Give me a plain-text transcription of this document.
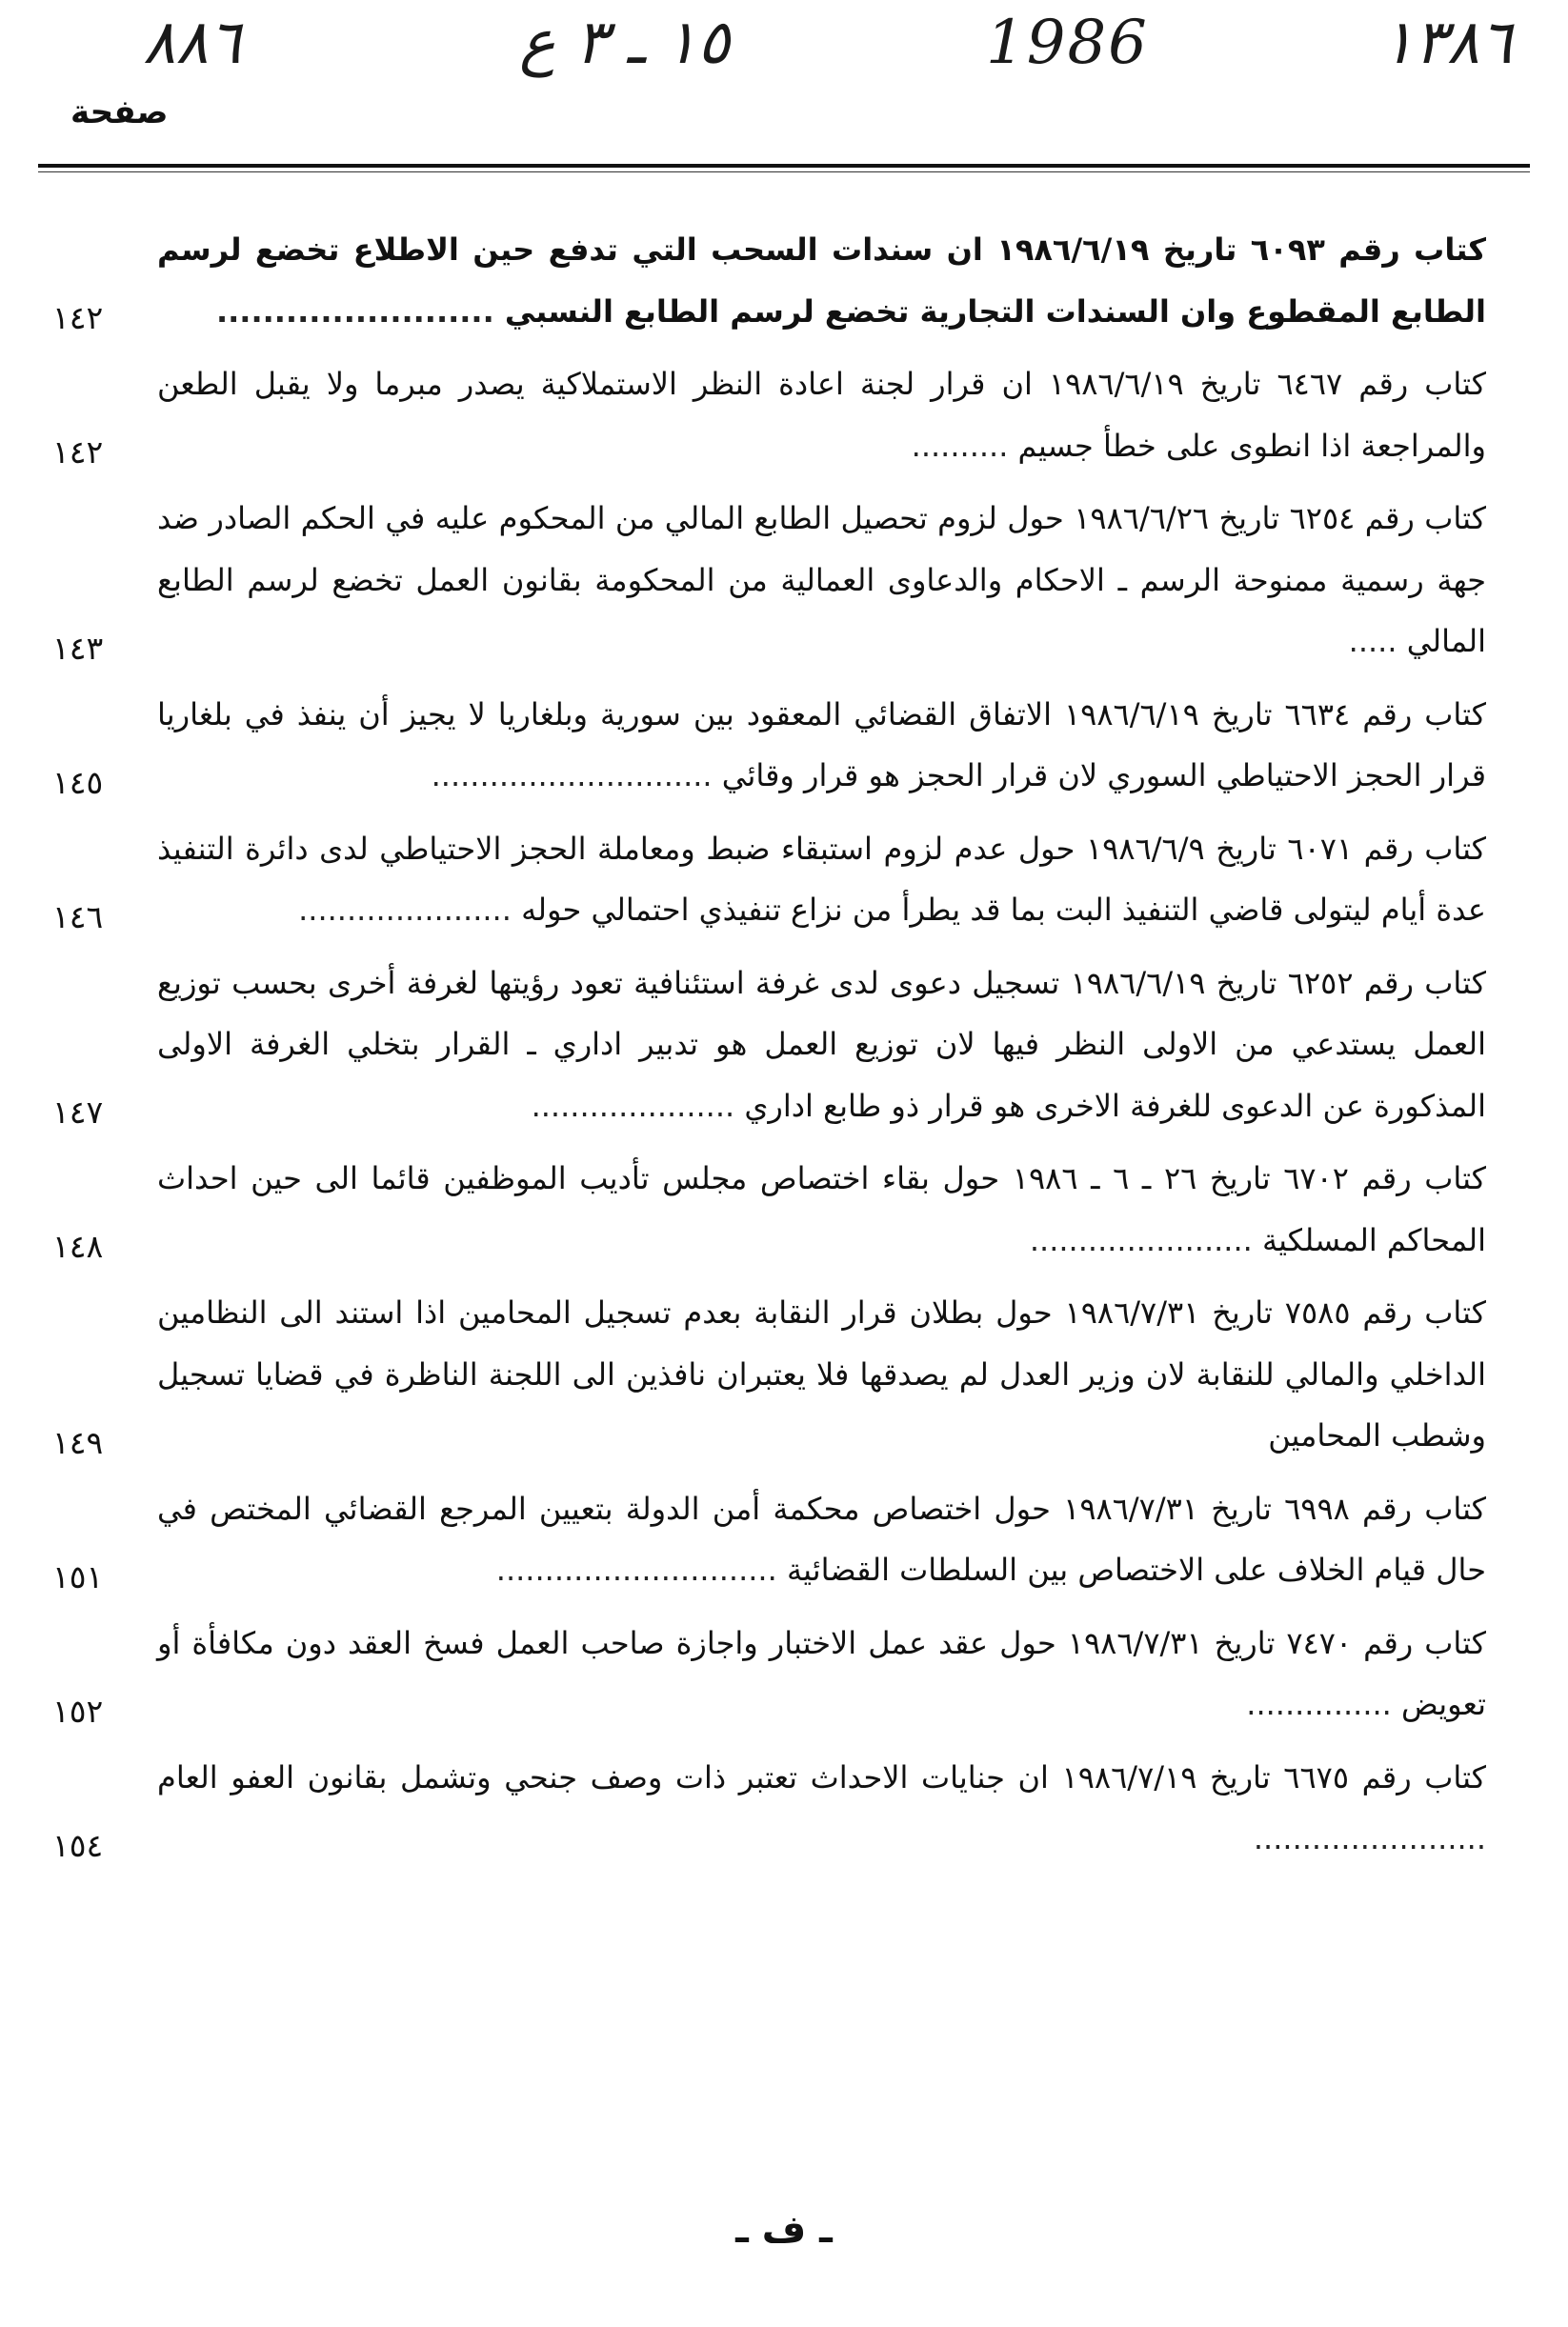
١٣٨٦
1986
١٥ ـ ٣ ع
٨٨٦
صفحة
كتاب رقم ٦٠٩٣ تاريخ ١٩٨٦/٦/١٩ ان سندات السحب التي تدفع حين الاطلاع تخضع لرسم الطابع المقطوع وان السندات التجارية تخضع لرسم الطابع النسبي ........................
١٤٢
كتاب رقم ٦٤٦٧ تاريخ ١٩٨٦/٦/١٩ ان قرار لجنة اعادة النظر الاستملاكية يصدر مبرما ولا يقبل الطعن والمراجعة اذا انطوى على خطأ جسيم ..........
١٤٢
كتاب رقم ٦٢٥٤ تاريخ ١٩٨٦/٦/٢٦ حول لزوم تحصيل الطابع المالي من المحكوم عليه في الحكم الصادر ضد جهة رسمية ممنوحة الرسم ـ الاحكام والدعاوى العمالية من المحكومة بقانون العمل تخضع لرسم الطابع المالي .....
١٤٣
كتاب رقم ٦٦٣٤ تاريخ ١٩٨٦/٦/١٩ الاتفاق القضائي المعقود بين سورية وبلغاريا لا يجيز أن ينفذ في بلغاريا قرار الحجز الاحتياطي السوري لان قرار الحجز هو قرار وقائي .............................
١٤٥
كتاب رقم ٦٠٧١ تاريخ ١٩٨٦/٦/٩ حول عدم لزوم استبقاء ضبط ومعاملة الحجز الاحتياطي لدى دائرة التنفيذ عدة أيام ليتولى قاضي التنفيذ البت بما قد يطرأ من نزاع تنفيذي احتمالي حوله ......................
١٤٦
كتاب رقم ٦٢٥٢ تاريخ ١٩٨٦/٦/١٩ تسجيل دعوى لدى غرفة استئنافية تعود رؤيتها لغرفة أخرى بحسب توزيع العمل يستدعي من الاولى النظر فيها لان توزيع العمل هو تدبير اداري ـ القرار بتخلي الغرفة الاولى المذكورة عن الدعوى للغرفة الاخرى هو قرار ذو طابع اداري .....................
١٤٧
كتاب رقم ٦٧٠٢ تاريخ ٢٦ ـ ٦ ـ ١٩٨٦ حول بقاء اختصاص مجلس تأديب الموظفين قائما الى حين احداث المحاكم المسلكية .......................
١٤٨
كتاب رقم ٧٥٨٥ تاريخ ١٩٨٦/٧/٣١ حول بطلان قرار النقابة بعدم تسجيل المحامين اذا استند الى النظامين الداخلي والمالي للنقابة لان وزير العدل لم يصدقها فلا يعتبران نافذين الى اللجنة الناظرة في قضايا تسجيل وشطب المحامين
١٤٩
كتاب رقم ٦٩٩٨ تاريخ ١٩٨٦/٧/٣١ حول اختصاص محكمة أمن الدولة بتعيين المرجع القضائي المختص في حال قيام الخلاف على الاختصاص بين السلطات القضائية .............................
١٥١
كتاب رقم ٧٤٧٠ تاريخ ١٩٨٦/٧/٣١ حول عقد عمل الاختبار واجازة صاحب العمل فسخ العقد دون مكافأة أو تعويض ...............
١٥٢
كتاب رقم ٦٦٧٥ تاريخ ١٩٨٦/٧/١٩ ان جنايات الاحداث تعتبر ذات وصف جنحي وتشمل بقانون العفو العام ........................
١٥٤
ـ ف ـ
